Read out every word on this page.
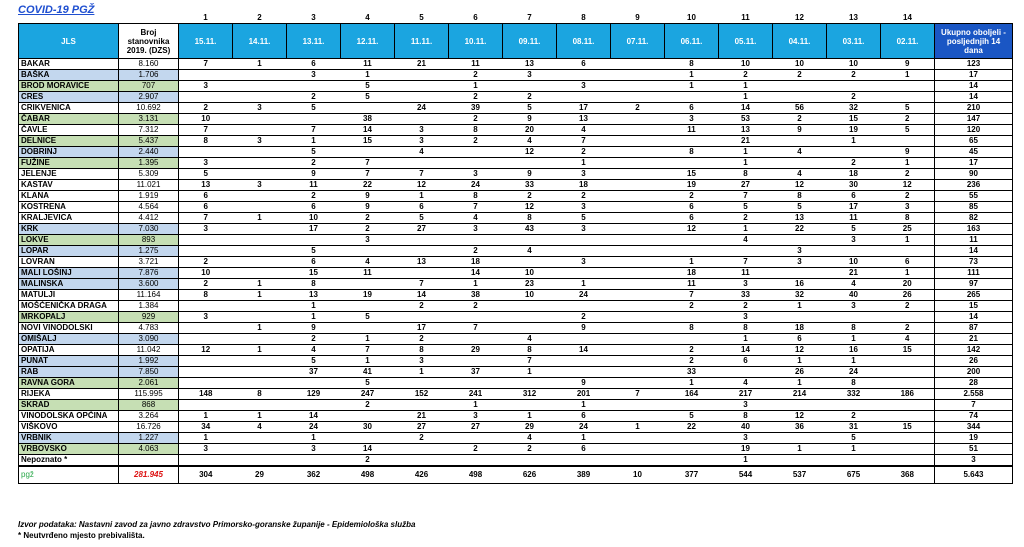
COVID-19 PGŽ
		1	2	3	4	5	6	7	8	9	10	11	12	13	14	
JLS	Broj stanovnika 2019. (DZS)	15.11.	14.11.	13.11.	12.11.	11.11.	10.11.	09.11.	08.11.	07.11.	06.11.	05.11.	04.11.	03.11.	02.11.	Ukupno oboljeli - posljednjih 14 dana
BAKAR	8.160	7	1	6	11	21	11	13	6		8	10	10	10	9	123
BAŠKA	1.706			3	1		2	3			1	2	2	2	1	17
BROD MORAVICE	707	3			5		1		3		1	1				14
CRES	2.907			2	5		2	2				1		2		14
CRIKVENICA	10.692	2	3	5		24	39	5	17	2	6	14	56	32	5	210
ČABAR	3.131	10			38		2	9	13		3	53	2	15	2	147
ČAVLE	7.312	7		7	14	3	8	20	4		11	13	9	19	5	120
DELNICE	5.437	8	3	1	15	3	2	4	7			21		1		65
DOBRINJ	2.440			5		4		12	2		8	1	4		9	45
FUŽINE	1.395	3		2	7				1			1		2	1	17
JELENJE	5.309	5		9	7	7	3	9	3		15	8	4	18	2	90
KASTAV	11.021	13	3	11	22	12	24	33	18		19	27	12	30	12	236
KLANA	1.919	6		2	9	1	8	2	2		2	7	8	6	2	55
KOSTRENA	4.564	6		6	9	6	7	12	3		6	5	5	17	3	85
KRALJEVICA	4.412	7	1	10	2	5	4	8	5		6	2	13	11	8	82
KRK	7.030	3		17	2	27	3	43	3		12	1	22	5	25	163
LOKVE	893				3							4		3	1	11
LOPAR	1.275			5			2	4					3			14
LOVRAN	3.721	2		6	4	13	18		3		1	7	3	10	6	73
MALI LOŠINJ	7.876	10		15	11		14	10			18	11		21	1	111
MALINSKA	3.600	2	1	8		7	1	23	1		11	3	16	4	20	97
MATULJI	11.164	8	1	13	19	14	38	10	24		7	33	32	40	26	265
MOŠĆENIČKA DRAGA	1.384			1		2	2				2	2	1	3	2	15
MRKOPALJ	929	3		1	5				2			3				14
NOVI VINODOLSKI	4.783		1	9		17	7		9		8	8	18	8	2	87
OMIŠALJ	3.090			2	1	2		4				1	6	1	4	21
OPATIJA	11.042	12	1	4	7	8	29	8	14		2	14	12	16	15	142
PUNAT	1.992			5	1	3		7			2	6	1	1		26
RAB	7.850			37	41	1	37	1			33		26	24		200
RAVNA GORA	2.061				5				9		1	4	1	8		28
RIJEKA	115.995	148	8	129	247	152	241	312	201	7	164	217	214	332	186	2.558
SKRAD	868				2		1		1			3				7
VINODOLSKA OPĆINA	3.264	1	1	14		21	3	1	6		5	8	12	2		74
VIŠKOVO	16.726	34	4	24	30	27	27	29	24	1	22	40	36	31	15	344
VRBNIK	1.227	1		1		2		4	1			3		5		19
VRBOVSKO	4.063	3		3	14		2	2	6			19	1	1		51
Nepoznato *					2							1				3
pgž	281.945	304	29	362	498	426	498	626	389	10	377	544	537	675	368	5.643
Izvor podataka: Nastavni zavod za javno zdravstvo Primorsko-goranske županije - Epidemiološka služba
* Neutvrđeno mjesto prebivališta.
